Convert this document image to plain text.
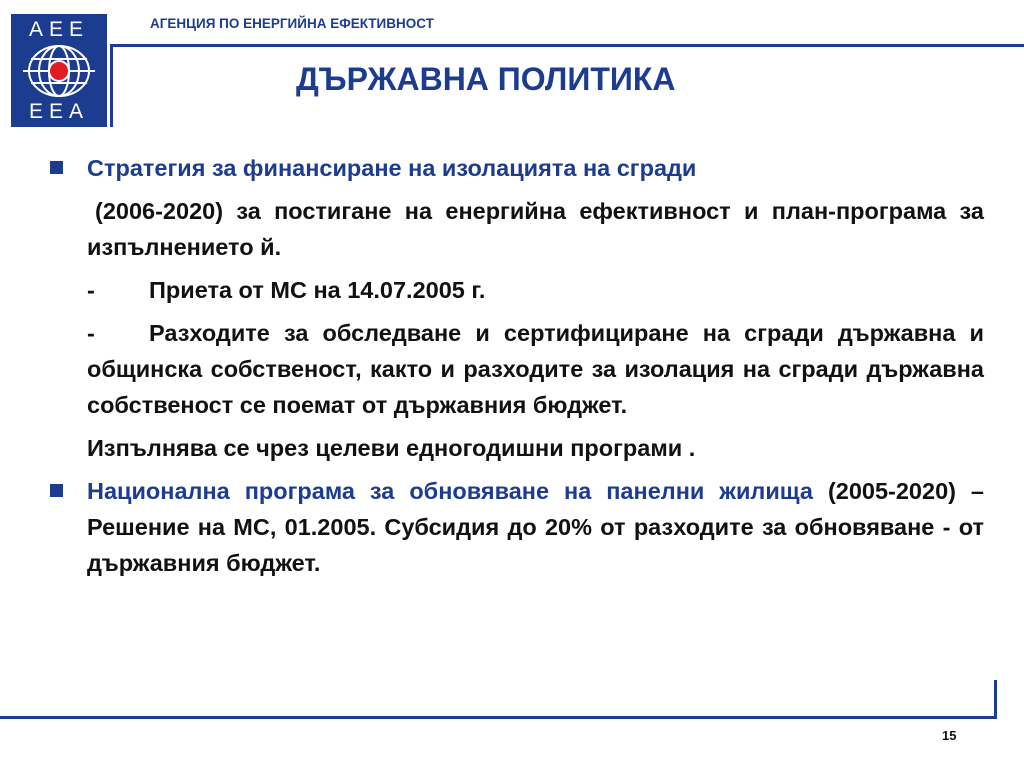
AEE
EEA
АГЕНЦИЯ ПО ЕНЕРГИЙНА ЕФЕКТИВНОСТ
ДЪРЖАВНА ПОЛИТИКА
Стратегия за финансиране на изолацията на сгради
(2006-2020) за постигане на енергийна ефективност и план-програма за изпълнението й.
- Приета от МС на 14.07.2005 г.
- Разходите за обследване и сертифициране на сгради държавна и общинска собственост, както и разходите за изолация на сгради държавна собственост се поемат от държавния бюджет.
Изпълнява се чрез целеви едногодишни програми .
Национална програма за обновяване на панелни жилища (2005-2020) – Решение на МС, 01.2005. Субсидия до 20% от разходите за обновяване - от държавния бюджет.
15
